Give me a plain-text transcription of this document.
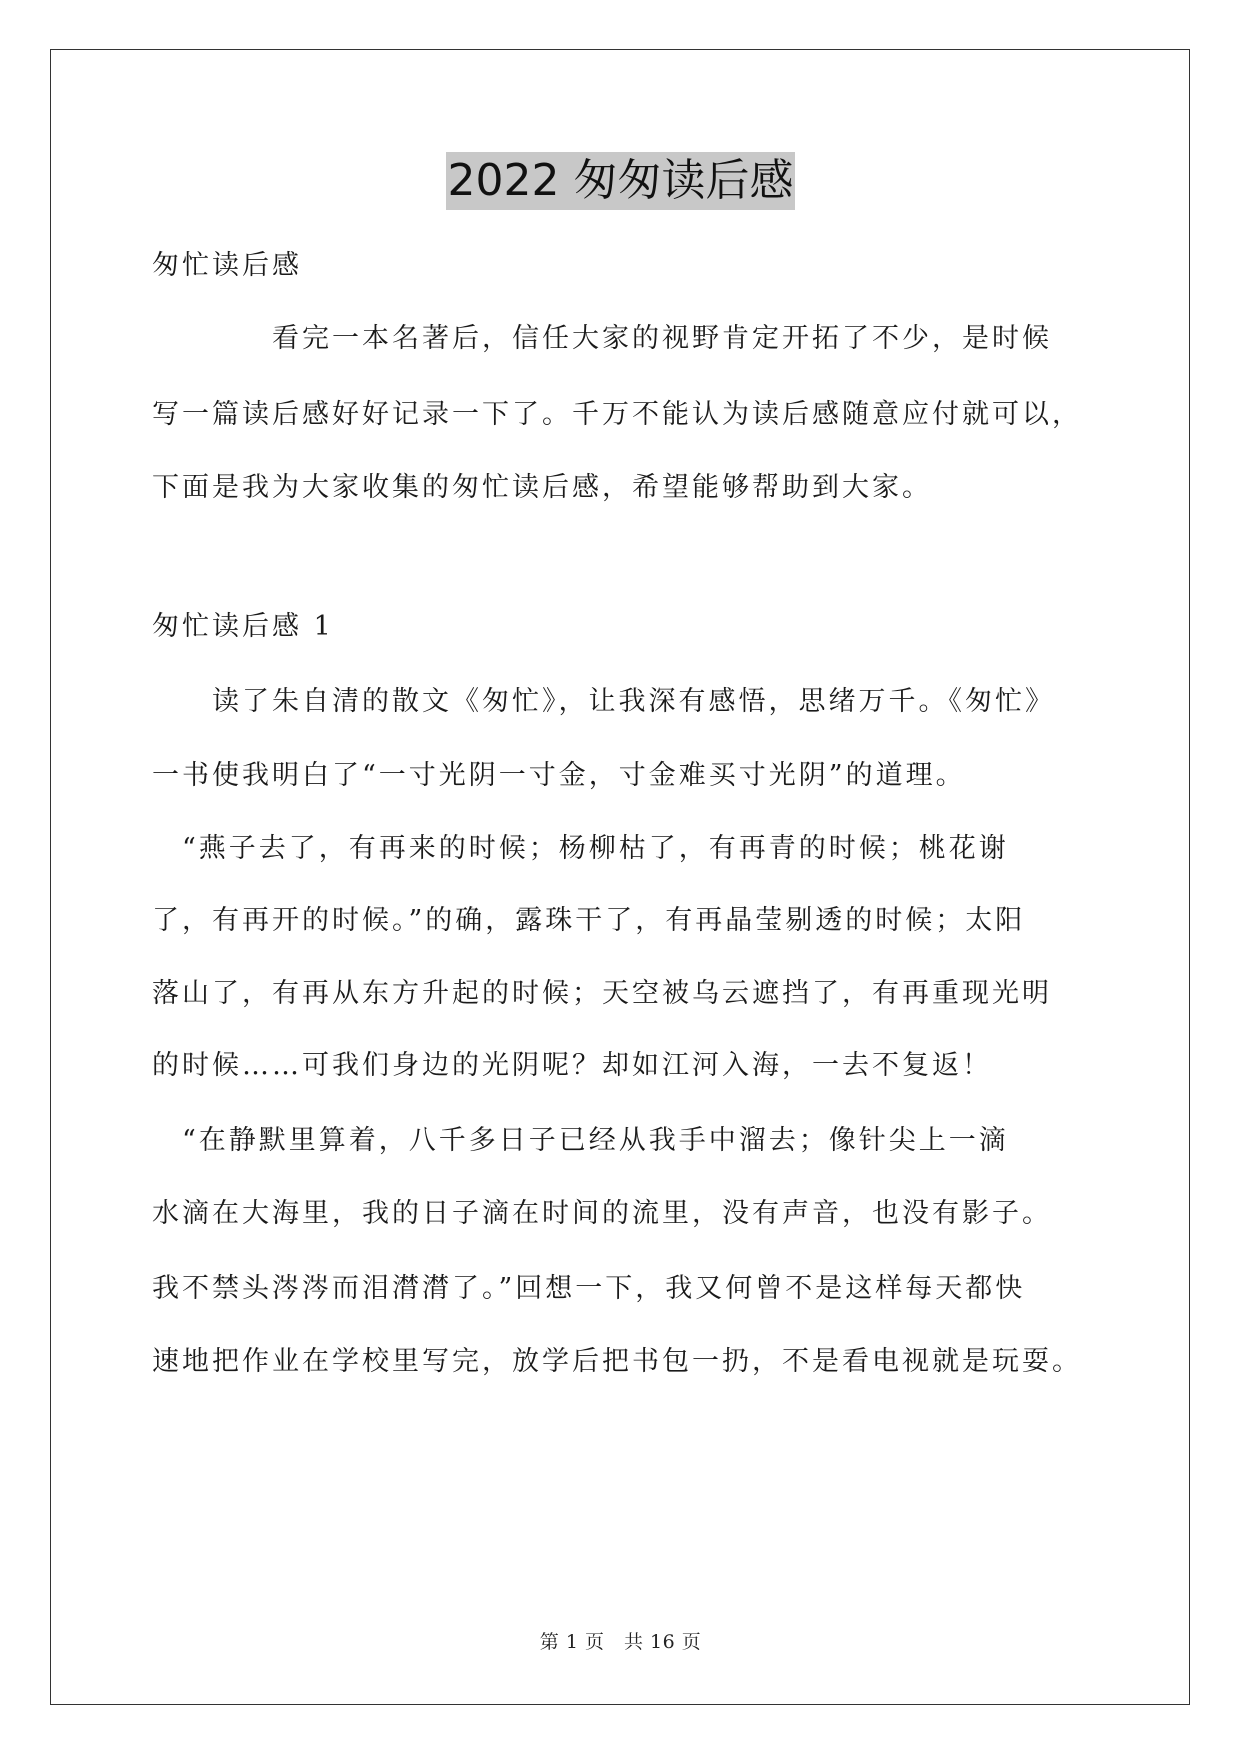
2022 匆匆读后感

匆忙读后感

　　　　看完一本名著后，信任大家的视野肯定开拓了不少，是时候

写一篇读后感好好记录一下了。千万不能认为读后感随意应付就可以，

下面是我为大家收集的匆忙读后感，希望能够帮助到大家。

匆忙读后感 1

　　读了朱自清的散文《匆忙》，让我深有感悟，思绪万千。《匆忙》

一书使我明白了“一寸光阴一寸金，寸金难买寸光阴”的道理。

　“燕子去了，有再来的时候；杨柳枯了，有再青的时候；桃花谢

了，有再开的时候。”的确，露珠干了，有再晶莹剔透的时候；太阳

落山了，有再从东方升起的时候；天空被乌云遮挡了，有再重现光明

的时候……可我们身边的光阴呢？却如江河入海，一去不复返！

　“在静默里算着，八千多日子已经从我手中溜去；像针尖上一滴

水滴在大海里，我的日子滴在时间的流里，没有声音，也没有影子。

我不禁头涔涔而泪潸潸了。”回想一下，我又何曾不是这样每天都快

速地把作业在学校里写完，放学后把书包一扔，不是看电视就是玩耍。

第 1 页　共 16 页
